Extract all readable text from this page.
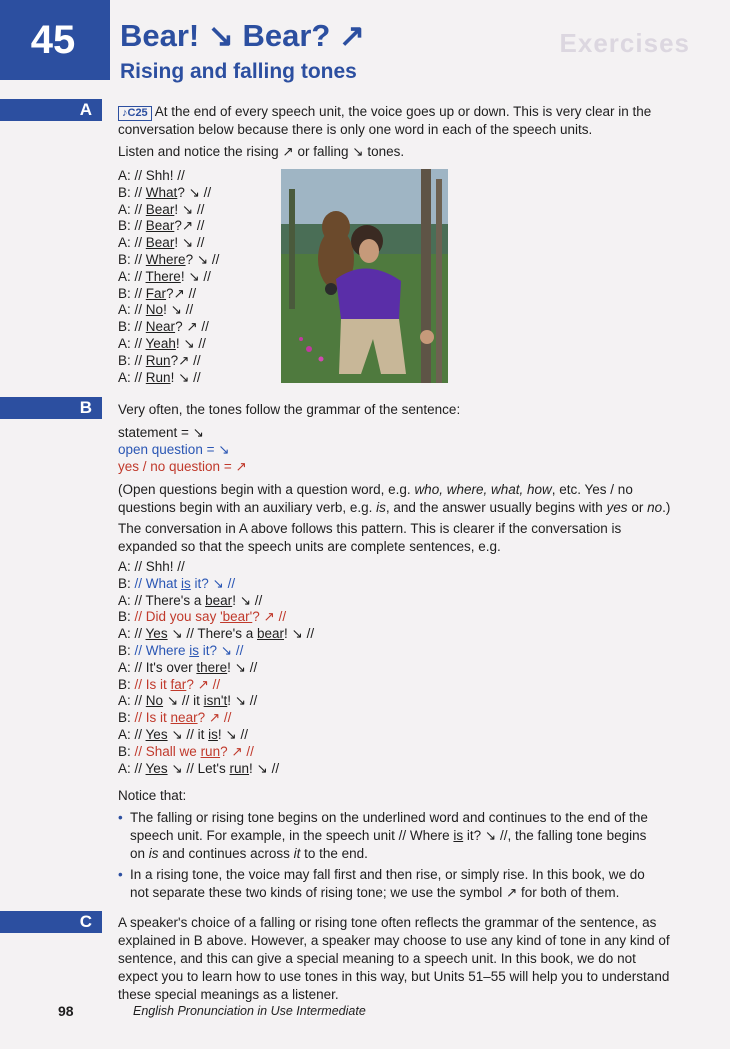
Exercises
45 Bear! ↘ Bear? ↗
Rising and falling tones
A	♪C25 At the end of every speech unit, the voice goes up or down. This is very clear in the conversation below because there is only one word in each of the speech units.
Listen and notice the rising ↗ or falling ↘ tones.
A: // Shh! //
B: // What? ↘ //
A: // Bear! ↘ //
B: // Bear?↗ //
A: // Bear! ↘ //
B: // Where? ↘ //
A: // There! ↘ //
B: // Far?↗ //
A: // No! ↘ //
B: // Near? ↗ //
A: // Yeah! ↘ //
B: // Run?↗ //
A: // Run! ↘ //
B Very often, the tones follow the grammar of the sentence:
statement = ↘
open question = ↘
yes / no question = ↗
(Open questions begin with a question word, e.g. who, where, what, how, etc. Yes / no questions begin with an auxiliary verb, e.g. is, and the answer usually begins with yes or no.)
The conversation in A above follows this pattern. This is clearer if the conversation is expanded so that the speech units are complete sentences, e.g.
A: // Shh! //
B: // What is it? ↘ //
A: // There's a bear! ↘ //
B: // Did you say 'bear'? ↗ //
A: // Yes ↘ // There's a bear! ↘ //
B: // Where is it? ↘ //
A: // It's over there! ↘ //
B: // Is it far? ↗ //
A: // No ↘ // it isn't! ↘ //
B: // Is it near? ↗ //
A: // Yes ↘ // it is! ↘ //
B: // Shall we run? ↗ //
A: // Yes ↘ // Let's run! ↘ //
Notice that:
• The falling or rising tone begins on the underlined word and continues to the end of the speech unit. For example, in the speech unit // Where is it? ↘ //, the falling tone begins on is and continues across it to the end.
• In a rising tone, the voice may fall first and then rise, or simply rise. In this book, we do not separate these two kinds of rising tone; we use the symbol ↗ for both of them.
C A speaker's choice of a falling or rising tone often reflects the grammar of the sentence, as explained in B above. However, a speaker may choose to use any kind of tone in any kind of sentence, and this can give a special meaning to a speech unit. In this book, we do not expect you to learn how to use tones in this way, but Units 51–55 will help you to understand these special meanings as a listener.
98	English Pronunciation in Use Intermediate
